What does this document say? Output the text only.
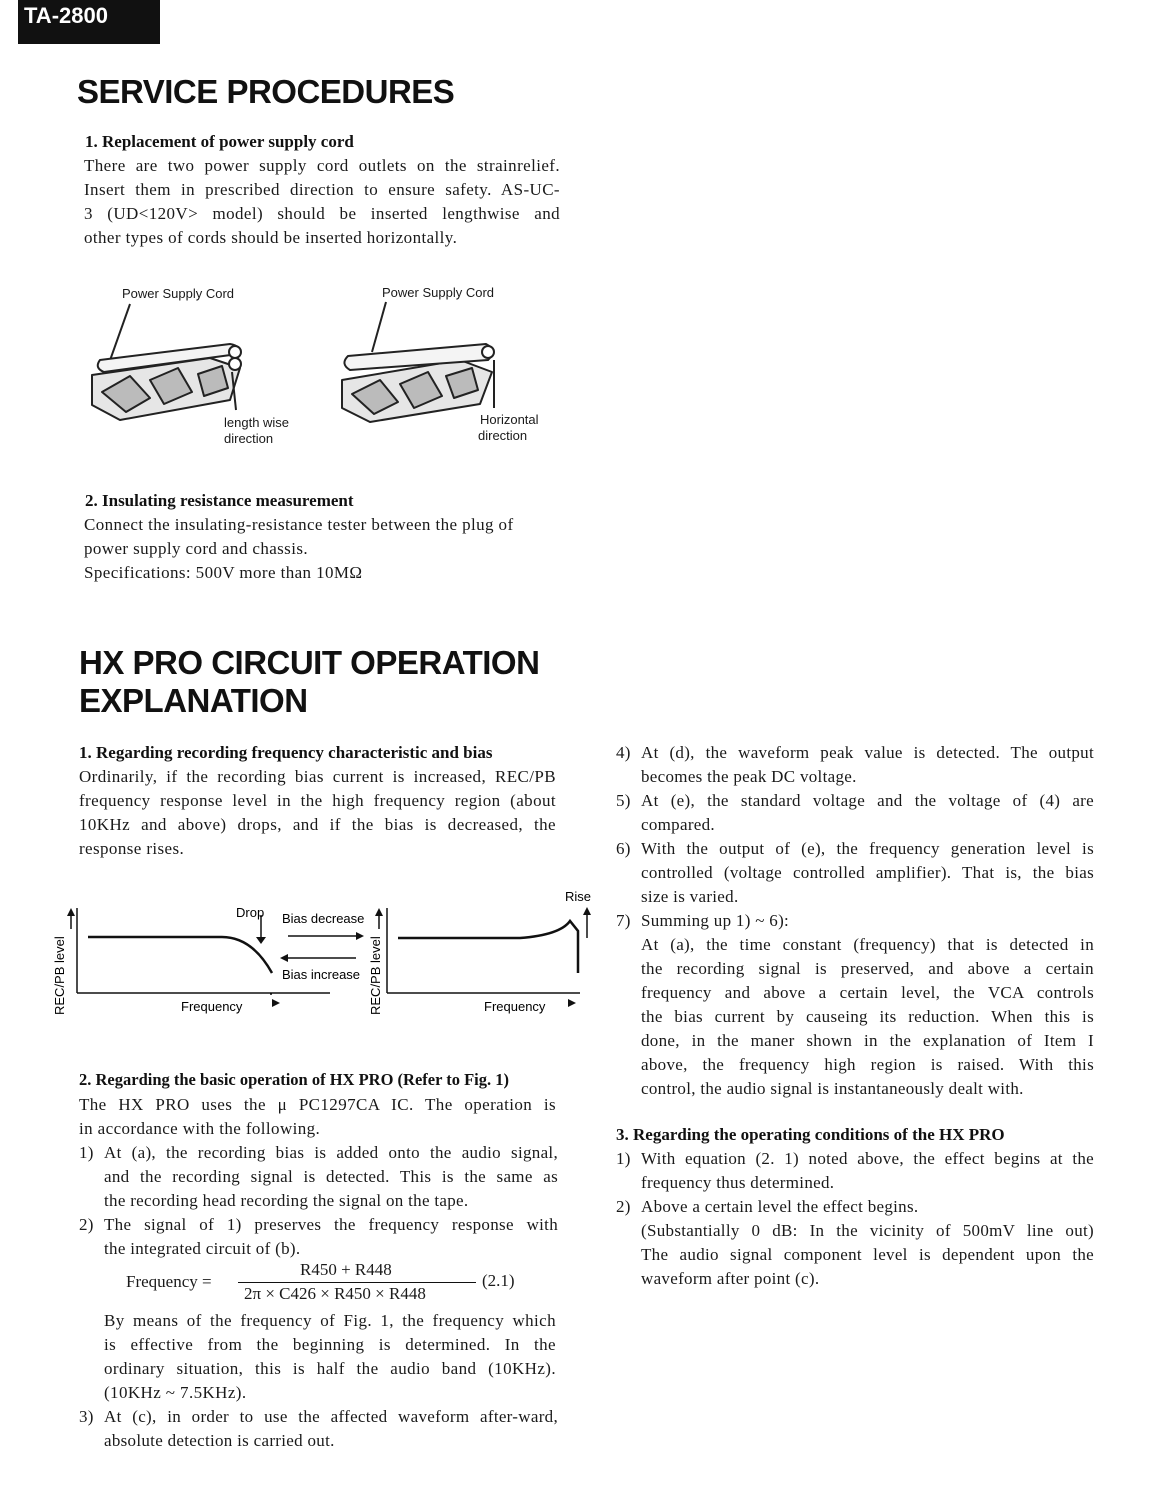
TA-2800
SERVICE PROCEDURES
1. Replacement of power supply cord
There are two power supply cord outlets on the strainrelief.
Insert them in prescribed direction to ensure safety. AS-UC-
3 (UD<120V> model) should be inserted lengthwise and
other types of cords should be inserted horizontally.
Power Supply Cord	Power Supply Cord
length wise
direction
Horizontal
direction
2. Insulating resistance measurement
Connect the insulating-resistance tester between the plug of
power supply cord and chassis.
Specifications: 500V more than 10MΩ
HX PRO CIRCUIT OPERATION
EXPLANATION
1. Regarding recording frequency characteristic and bias
Ordinarily, if the recording bias current is increased, REC/PB
frequency response level in the high frequency region (about
10KHz and above) drops, and if the bias is decreased, the
response rises.
REC/PB level	REC/PB level
Frequency	Frequency
Drop
Rise
Bias decrease
Bias increase
2. Regarding the basic operation of HX PRO (Refer to Fig. 1)
The HX PRO uses the μ PC1297CA IC. The operation is
in accordance with the following.
1) At (a), the recording bias is added onto the audio signal,
and the recording signal is detected. This is the same as
the recording head recording the signal on the tape.
2) The signal of 1) preserves the frequency response with
the integrated circuit of (b).
Frequency =
R450 + R448
2π × C426 × R450 × R448
(2.1)
By means of the frequency of Fig. 1, the frequency which
is effective from the beginning is determined. In the
ordinary situation, this is half the audio band (10KHz).
(10KHz ~ 7.5KHz).
3) At (c), in order to use the affected waveform after-ward,
absolute detection is carried out.
4) At (d), the waveform peak value is detected. The output
becomes the peak DC voltage.
5) At (e), the standard voltage and the voltage of (4) are
compared.
6) With the output of (e), the frequency generation level is
controlled (voltage controlled amplifier). That is, the bias
size is varied.
7) Summing up 1) ~ 6):
At (a), the time constant (frequency) that is detected in
the recording signal is preserved, and above a certain
frequency and above a certain level, the VCA controls
the bias current by causeing its reduction. When this is
done, in the maner shown in the explanation of Item I
above, the frequency high region is raised. With this
control, the audio signal is instantaneously dealt with.
3. Regarding the operating conditions of the HX PRO
1) With equation (2. 1) noted above, the effect begins at the
frequency thus determined.
2) Above a certain level the effect begins.
(Substantially 0 dB: In the vicinity of 500mV line out)
The audio signal component level is dependent upon the
waveform after point (c).
